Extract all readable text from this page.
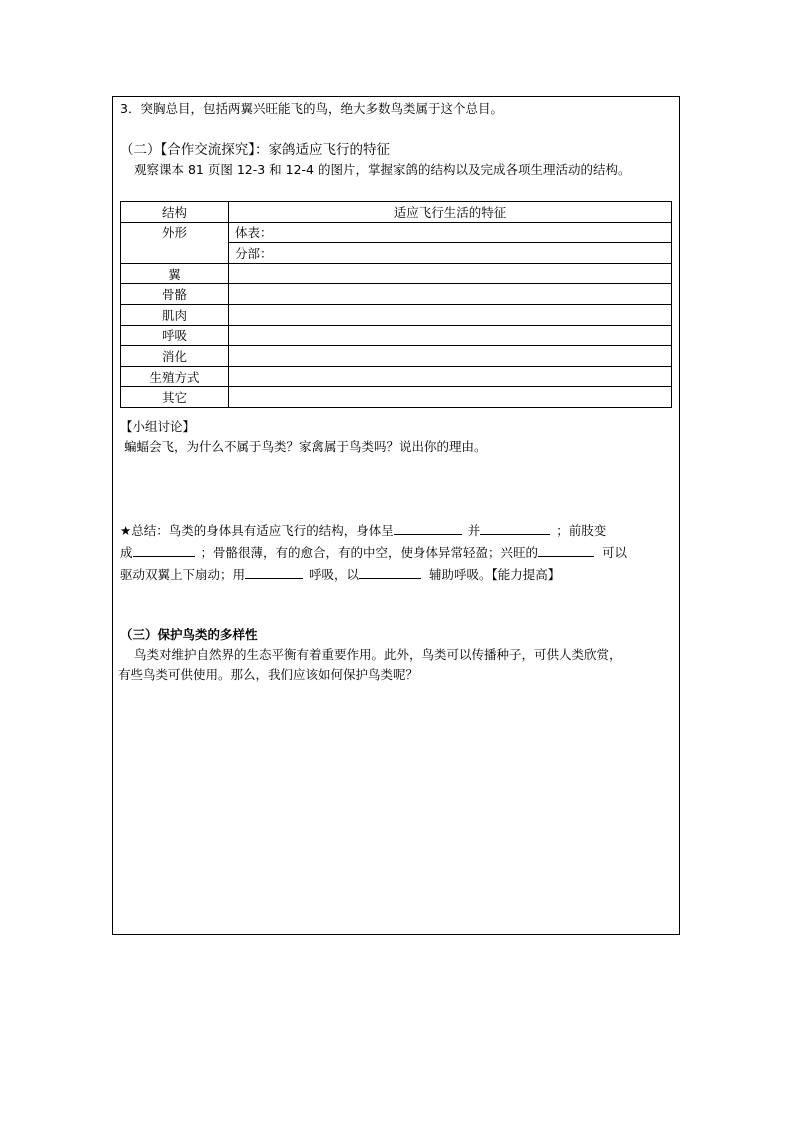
3．突胸总目，包括两翼兴旺能飞的鸟，绝大多数鸟类属于这个总目。
（二）【合作交流探究】：家鸽适应飞行的特征
观察课本 81 页图 12-3 和 12-4 的图片，掌握家鸽的结构以及完成各项生理活动的结构。
结构	适应飞行生活的特征
外形	体表：
	分部：
翼	
骨骼	
肌肉	
呼吸	
消化	
生殖方式	
其它	
【小组讨论】
蝙蝠会飞，为什么不属于鸟类？家禽属于鸟类吗？说出你的理由。
★总结：鸟类的身体具有适应飞行的结构，身体呈	并	；前肢变
成	；骨骼很薄，有的愈合，有的中空，使身体异常轻盈；兴旺的	可以
驱动双翼上下扇动；用	呼吸，以	辅助呼吸。【能力提高】
（三）保护鸟类的多样性
鸟类对维护自然界的生态平衡有着重要作用。此外，鸟类可以传播种子，可供人类欣赏，
有些鸟类可供使用。那么，我们应该如何保护鸟类呢？
